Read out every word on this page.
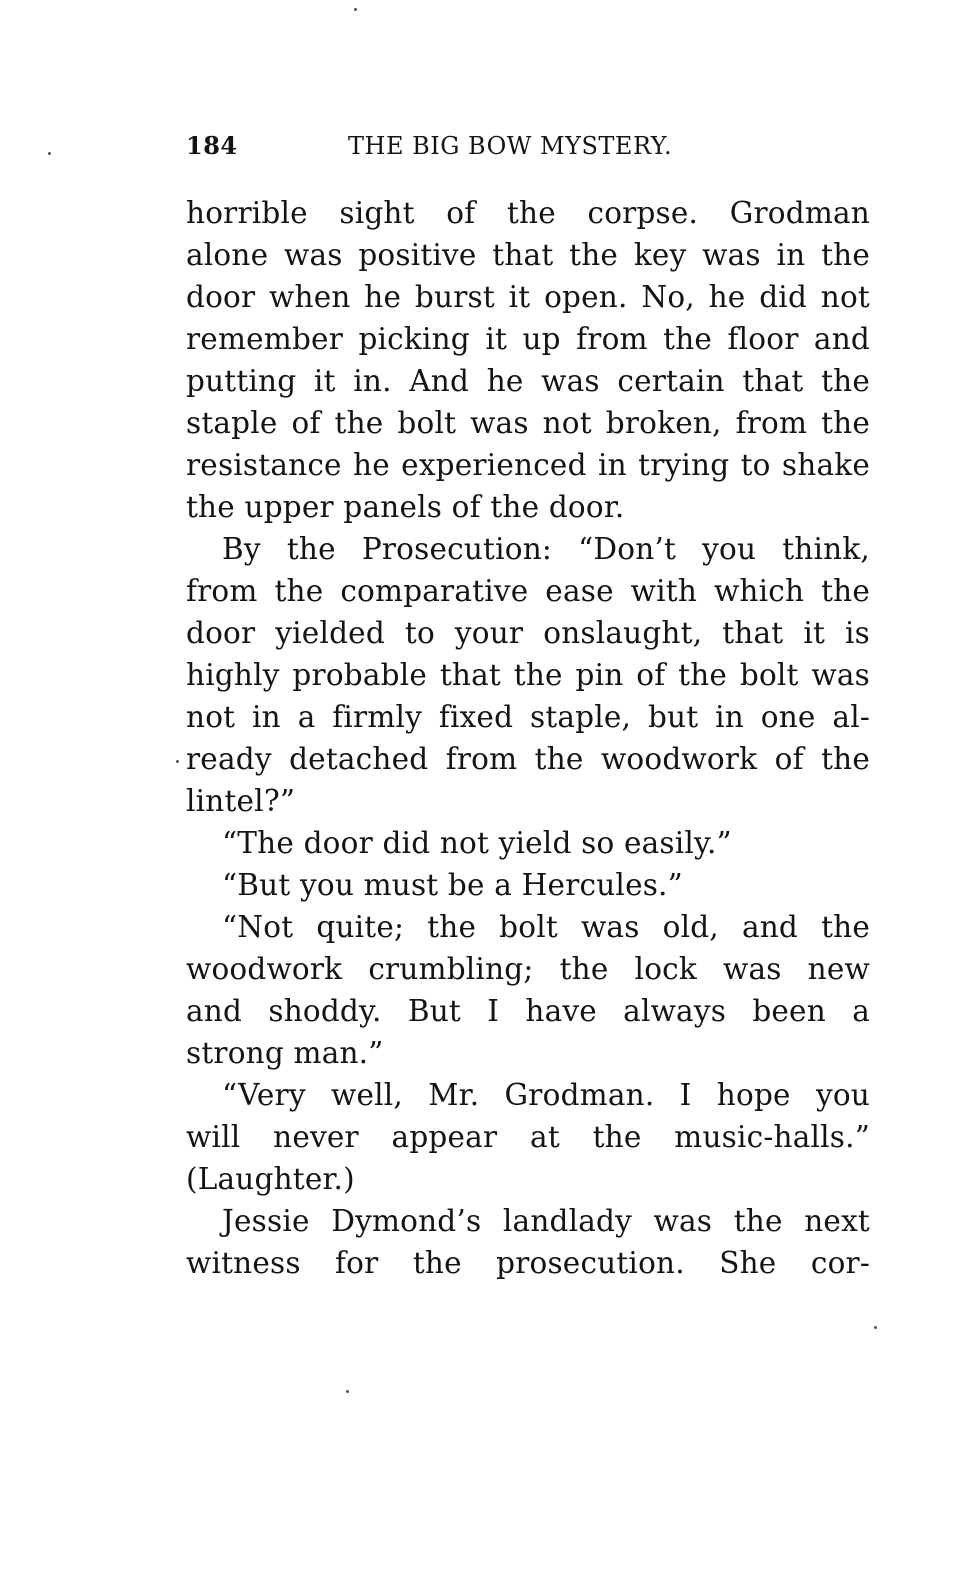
184	THE BIG BOW MYSTERY.
horrible sight of the corpse. Grodman
alone was positive that the key was in the
door when he burst it open. No, he did not
remember picking it up from the floor and
putting it in. And he was certain that the
staple of the bolt was not broken, from the
resistance he experienced in trying to shake
the upper panels of the door.
By the Prosecution: “Don’t you think,
from the comparative ease with which the
door yielded to your onslaught, that it is
highly probable that the pin of the bolt was
not in a firmly fixed staple, but in one al-
ready detached from the woodwork of the
lintel?”
“The door did not yield so easily.”
“But you must be a Hercules.”
“Not quite; the bolt was old, and the
woodwork crumbling; the lock was new
and shoddy. But I have always been a
strong man.”
“Very well, Mr. Grodman. I hope you
will never appear at the music-halls.”
(Laughter.)
Jessie Dymond’s landlady was the next
witness for the prosecution. She cor-
